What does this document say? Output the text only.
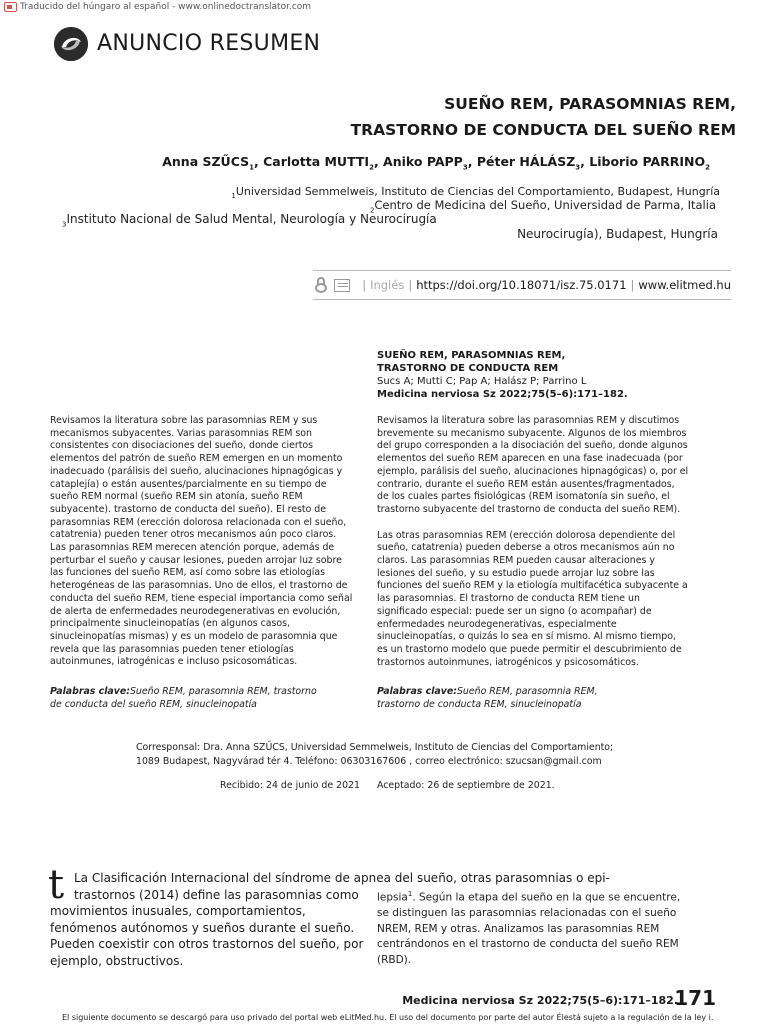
Traducido del húngaro al español - www.onlinedoctranslator.com
ANUNCIO RESUMEN
SUEÑO REM, PARASOMNIAS REM,
TRASTORNO DE CONDUCTA DEL SUEÑO REM
Anna $SZŰCS_1$, Carlotta $MUTTI_2$, Aniko $PAPP_3$, Péter $HÁLÁSZ_3$, Liborio $PARRINO_2$
$_1$Universidad Semmelweis, Instituto de Ciencias del Comportamiento, Budapest, Hungría
$_2$Centro de Medicina del Sueño, Universidad de Parma, Italia
$_3$Instituto Nacional de Salud Mental, Neurología y Neurocirugía
Neurocirugía), Budapest, Hungría
| Inglés | https://doi.org/10.18071/isz.75.0171 | www.elitmed.hu
SUEÑO REM, PARASOMNIAS REM,
TRASTORNO DE CONDUCTA REM
Sucs A; Mutti C; Pap A; Halász P; Parrino L
Medicina nerviosa Sz 2022;75(5–6):171–182.

Revisamos la literatura sobre las parasomnias REM y sus mecanismos subyacentes. Varias parasomnias REM son consistentes con disociaciones del sueño, donde ciertos elementos del patrón de sueño REM emergen en un momento inadecuado (parálisis del sueño, alucinaciones hipnagógicas y cataplejía) o están ausentes/parcialmente en su tiempo de sueño REM normal (sueño REM sin atonía, sueño REM subyacente). trastorno de conducta del sueño). El resto de parasomnias REM (erección dolorosa relacionada con el sueño, catatrenia) pueden tener otros mecanismos aún poco claros.

Las parasomnias REM merecen atención porque, además de perturbar el sueño y causar lesiones, pueden arrojar luz sobre las funciones del sueño REM, así como sobre las etiologías heterogéneas de las parasomnias. Uno de ellos, el trastorno de conducta del sueño REM, tiene especial importancia como señal de alerta de enfermedades neurodegenerativas en evolución, principalmente sinucleinopatías (en algunos casos, sinucleinopatías mismas) y es un modelo de parasomnia que revela que las parasomnias pueden tener etiologías autoinmunes, iatrogénicas e incluso psicosomáticas.

Palabras clave:Sueño REM, parasomnia REM, trastorno
de conducta del sueño REM, sinucleinopatía

Revisamos la literatura sobre las parasomnias REM y discutimos brevemente su mecanismo subyacente. Algunos de los miembros del grupo corresponden a la disociación del sueño, donde algunos elementos del sueño REM aparecen en una fase inadecuada (por ejemplo, parálisis del sueño, alucinaciones hipnagógicas) o, por el contrario, durante el sueño REM están ausentes/fragmentados, de los cuales partes fisiológicas (REM isomatonía sin sueño, el trastorno subyacente del trastorno de conducta del sueño REM).

Las otras parasomnias REM (erección dolorosa dependiente del sueño, catatrenia) pueden deberse a otros mecanismos aún no claros. Las parasomnias REM pueden causar alteraciones y lesiones del sueño, y su estudio puede arrojar luz sobre las funciones del sueño REM y la etiología multifacética subyacente a las parasomnias. El trastorno de conducta REM tiene un significado especial: puede ser un signo (o acompañar) de enfermedades neurodegenerativas, especialmente sinucleinopatías, o quizás lo sea en sí mismo. Al mismo tiempo, es un trastorno modelo que puede permitir el descubrimiento de trastornos autoinmunes, iatrogénicos y psicosomáticos.

Palabras clave:Sueño REM, parasomnia REM,
trastorno de conducta REM, sinucleinopatía
Corresponsal: Dra. Anna SZŰCS, Universidad Semmelweis, Instituto de Ciencias del Comportamiento;
1089 Budapest, Nagyvárad tér 4. Teléfono: 06303167606 , correo electrónico: szucsan@gmail.com
Recibido: 24 de junio de 2021 Aceptado: 26 de septiembre de 2021.
t La Clasificación Internacional del síndrome de apnea del sueño, otras parasomnias o epi-
trastornos (2014) define las parasomnias como
movimientos inusuales, comportamientos, fenómenos autónomos y sueños durante el sueño. Pueden coexistir con otros trastornos del sueño, por ejemplo, obstructivos.
lepsia$^1$. Según la etapa del sueño en la que se encuentre, se distinguen las parasomnias relacionadas con el sueño NREM, REM y otras. Analizamos las parasomnias REM centrándonos en el trastorno de conducta del sueño REM (RBD).
Medicina nerviosa Sz 2022;75(5–6):171–182.
171
El siguiente documento se descargó para uso privado del portal web eLitMed.hu. El uso del documento por parte del autor Élestá sujeto a la regulación de la ley i.
